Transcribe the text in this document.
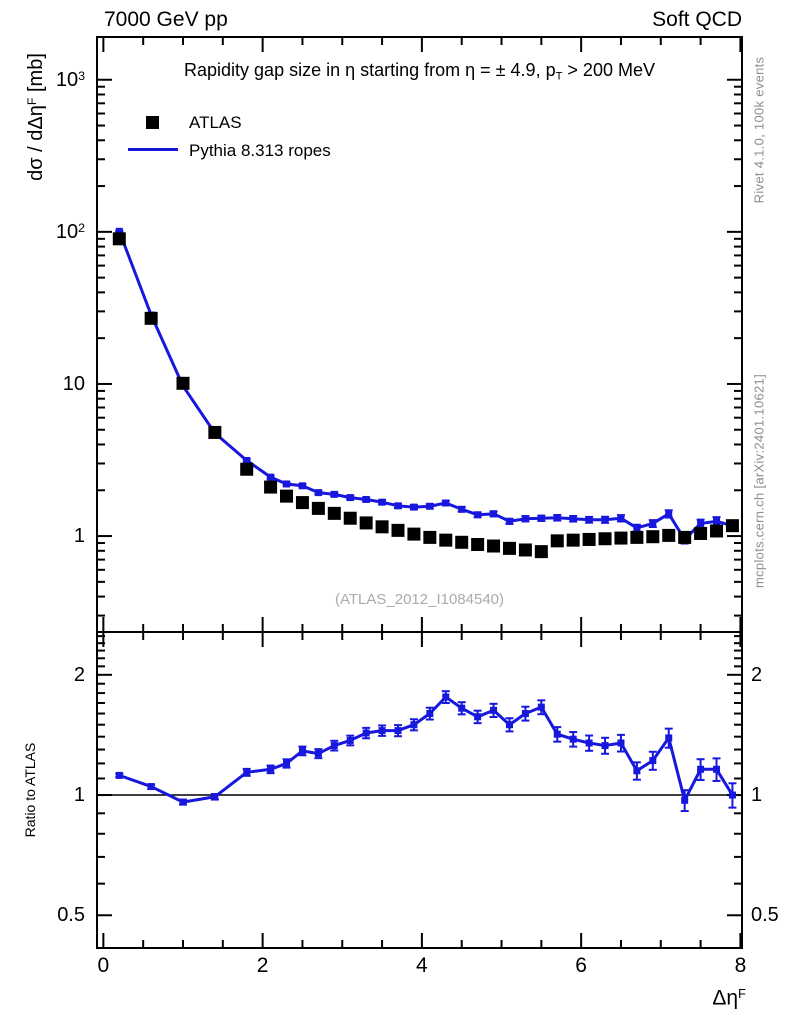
(ATLAS_2012_I1084540)
7000 GeV pp	Soft QCD
Rapidity gap size in η starting from η = ± 4.9, $p_T > 200$ MeV
ATLAS
Pythia 8.313 ropes
dσ / dΔη$^F$ [mb]
Ratio to ATLAS
Rivet 4.1.0, 100k events
mcplots.cern.ch [arXiv:2401.10621]
$\Delta\eta^F$
1
10
$10^2$
$10^3$
0.5	0.5
1	1
2	2
0	2	4	6	8
